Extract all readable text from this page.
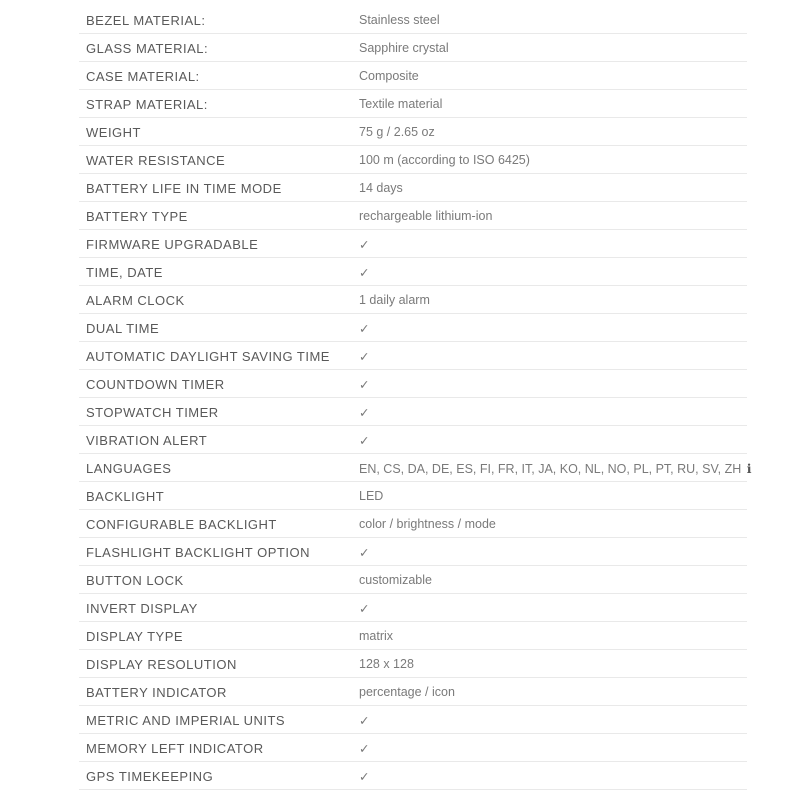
BEZEL MATERIAL:	Stainless steel
GLASS MATERIAL:	Sapphire crystal
CASE MATERIAL:	Composite
STRAP MATERIAL:	Textile material
WEIGHT	75 g / 2.65 oz
WATER RESISTANCE	100 m (according to ISO 6425)
BATTERY LIFE IN TIME MODE	14 days
BATTERY TYPE	rechargeable lithium-ion
FIRMWARE UPGRADABLE	✓
TIME, DATE	✓
ALARM CLOCK	1 daily alarm
DUAL TIME	✓
AUTOMATIC DAYLIGHT SAVING TIME ✓
COUNTDOWN TIMER	✓
STOPWATCH TIMER	✓
VIBRATION ALERT	✓
LANGUAGES	EN, CS, DA, DE, ES, FI, FR, IT, JA, KO, NL, NO, PL, PT, RU, SV, ZH i
BACKLIGHT	LED
CONFIGURABLE BACKLIGHT	color / brightness / mode
FLASHLIGHT BACKLIGHT OPTION	✓
BUTTON LOCK	customizable
INVERT DISPLAY	✓
DISPLAY TYPE	matrix
DISPLAY RESOLUTION	128 x 128
BATTERY INDICATOR	percentage / icon
METRIC AND IMPERIAL UNITS	✓
MEMORY LEFT INDICATOR	✓
GPS TIMEKEEPING	✓
